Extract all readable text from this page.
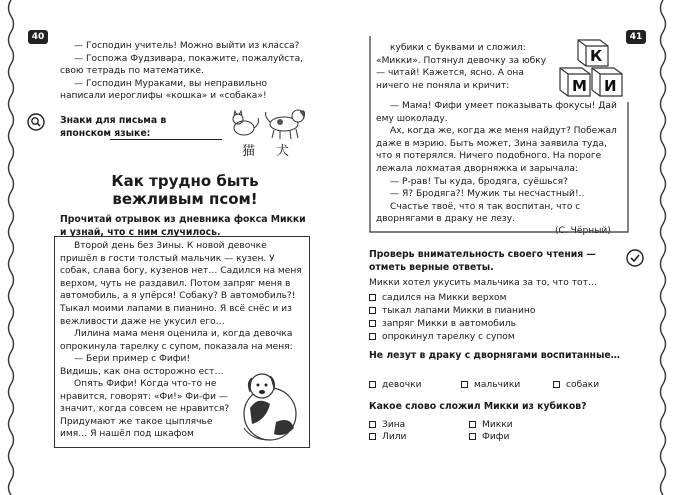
40
— Господин учитель! Можно выйти из класса?
— Госпожа Фудзивара, покажите, пожалуйста, свою тетрадь по математике.
— Господин Мураками, вы неправильно написали иероглифы «кошка» и «собака»!
Знаки для письма в японском языке:
猫 犬
Как трудно быть
вежливым псом!
Прочитай отрывок из дневника фокса Микки и узнай, что с ним случилось.
Второй день без Зины. К новой девочке пришёл в гости толстый мальчик — кузен. У собак, слава богу, кузенов нет… Садился на меня верхом, чуть не раздавил. Потом запряг меня в автомобиль, а я упёрся! Собаку? В автомобиль?! Тыкал моими лапами в пианино. Я всё снёс и из вежливости даже не укусил его…
Лилина мама меня оценила и, когда девочка опрокинула тарелку с супом, показала на меня:
— Бери пример с Фифи! Видишь, как она осторожно ест…
Опять Фифи! Когда что-то не нравится, говорят: «Фи!» Фи-фи — значит, когда совсем не нравится? Придумают же такое цыплячье имя… Я нашёл под шкафом
41
кубики с буквами и сложил: «Микки». Потянул девочку за юбку — читай! Кажется, ясно. А она ничего не поняла и кричит:	М И
К
— Мама! Фифи умеет показывать фокусы! Дай ему шоколаду.
Ах, когда же, когда же меня найдут? Побежал даже в мэрию. Быть может, Зина заявила туда, что я потерялся. Ничего подобного. На пороге лежала лохматая дворняжка и зарычала:
— Р-рав! Ты куда, бродяга, суёшься?
— Я? Бродяга?! Мужик ты несчастный!..
Счастье твоё, что я так воспитан, что с дворнягами в драку не лезу.
(С. Чёрный)
Проверь внимательность своего чтения — отметь верные ответы.
Микки хотел укусить мальчика за то, что тот…
садился на Микки верхом
тыкал лапами Микки в пианино
запряг Микки в автомобиль
опрокинул тарелку с супом
Не лезут в драку с дворнягами воспитанные…
девочки	мальчики	собаки
Какое слово сложил Микки из кубиков?
Зина	Микки
Лили	Фифи
